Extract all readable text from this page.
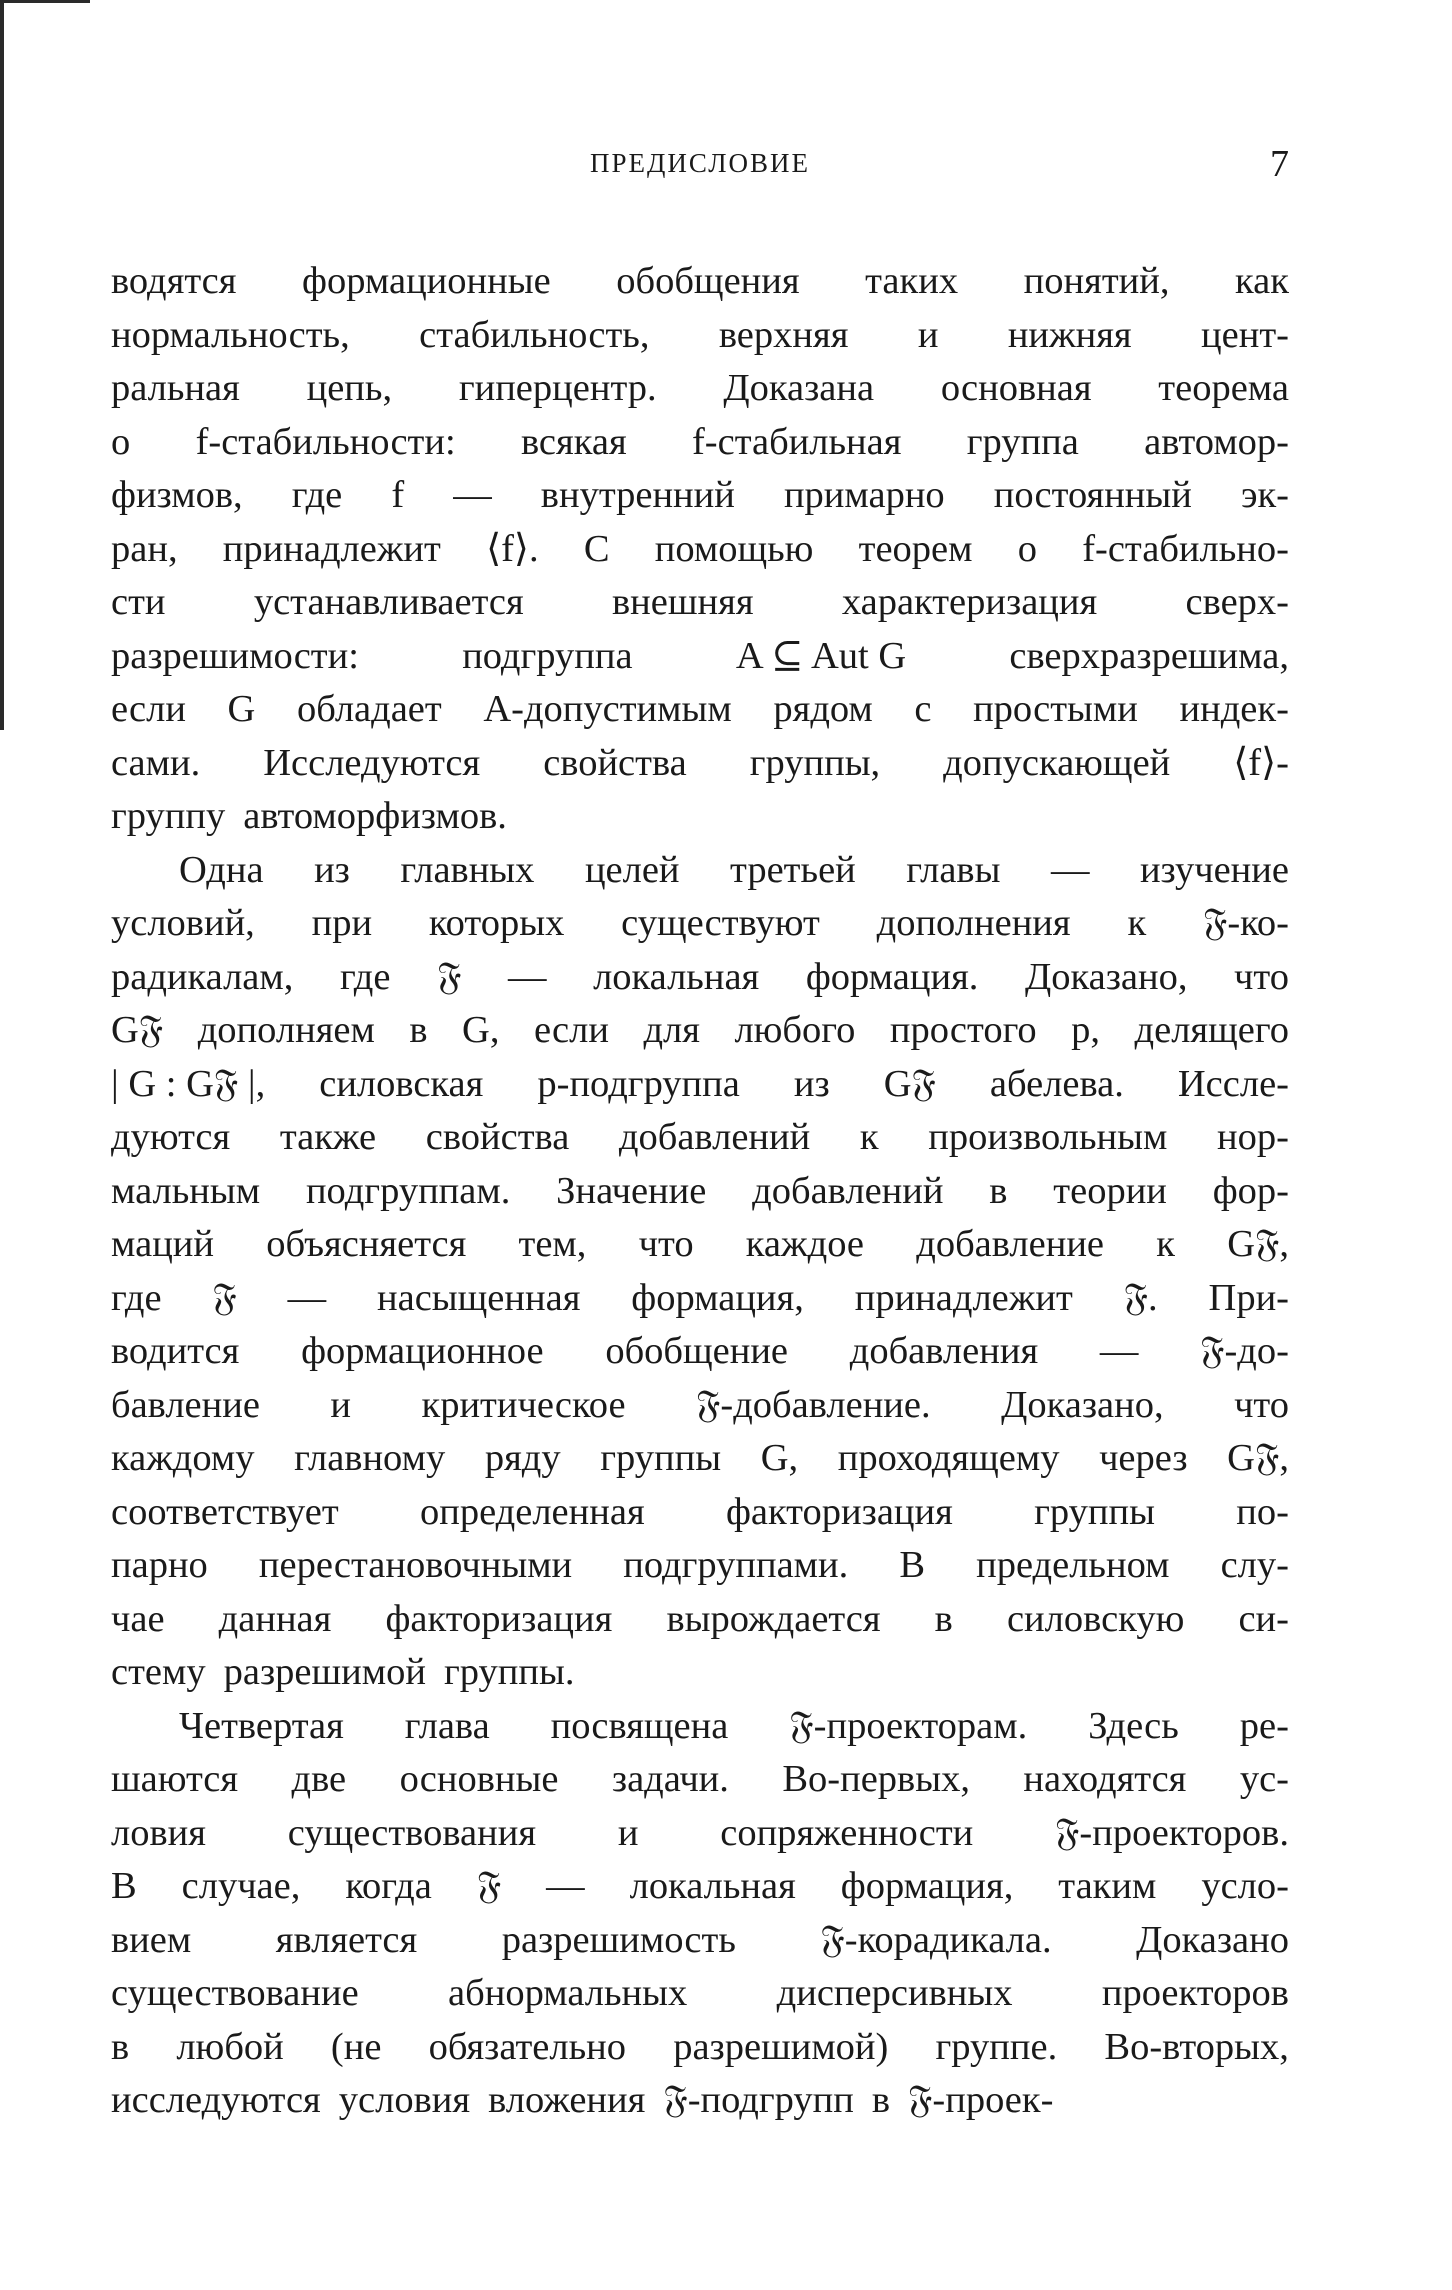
ПРЕДИСЛОВИЕ	7
водятся формационные обобщения таких понятий, как
нормальность, стабильность, верхняя и нижняя цент-
ральная цепь, гиперцентр. Доказана основная теорема
о f-стабильности: всякая f-стабильная группа автомор-
физмов, где f — внутренний примарно постоянный эк-
ран, принадлежит ⟨f⟩. С помощью теорем о f-стабильно-
сти устанавливается внешняя характеризация сверх-
разрешимости:	подгруппа	A ⊆ Aut G	сверхразрешима,
если G обладает A-допустимым рядом с простыми индек-
сами. Исследуются свойства группы, допускающей ⟨f⟩-
группу автоморфизмов.
Одна из главных целей третьей главы — изучение
условий, при которых существуют дополнения к 𝔉-ко-
радикалам, где 𝔉 — локальная формация. Доказано, что
G𝔉 дополняем в G, если для любого простого p, делящего
| G : G𝔉 |, силовская p-подгруппа из G𝔉 абелева. Иссле-
дуются также свойства добавлений к произвольным нор-
мальным подгруппам. Значение добавлений в теории фор-
маций объясняется тем, что каждое добавление к G𝔉,
где 𝔉 — насыщенная формация, принадлежит 𝔉. При-
водится формационное обобщение добавления — 𝔉-до-
бавление и критическое 𝔉-добавление. Доказано, что
каждому главному ряду группы G, проходящему через G𝔉,
соответствует определенная факторизация группы по-
парно перестановочными подгруппами. В предельном слу-
чае данная факторизация вырождается в силовскую си-
стему разрешимой группы.
Четвертая глава посвящена 𝔉-проекторам. Здесь ре-
шаются две основные задачи. Во-первых, находятся ус-
ловия существования и сопряженности 𝔉-проекторов.
В случае, когда 𝔉 — локальная формация, таким усло-
вием является разрешимость 𝔉-корадикала. Доказано
существование абнормальных дисперсивных проекторов
в любой (не обязательно разрешимой) группе. Во-вторых,
исследуются условия вложения 𝔉-подгрупп в 𝔉-проек-
